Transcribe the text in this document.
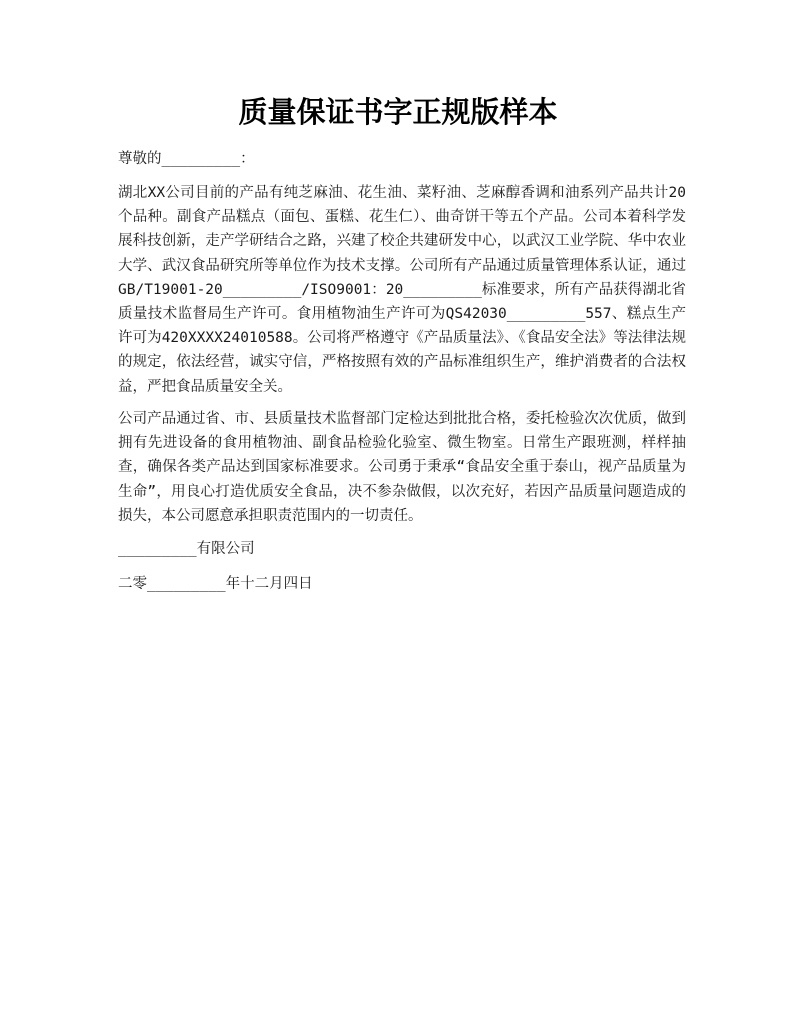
质量保证书字正规版样本

尊敬的_________：

湖北XX公司目前的产品有纯芝麻油、花生油、菜籽油、芝麻醇香调和油系列产品共计20个品种。副食产品糕点（面包、蛋糕、花生仁）、曲奇饼干等五个产品。公司本着科学发展科技创新，走产学研结合之路，兴建了校企共建研发中心，以武汉工业学院、华中农业大学、武汉食品研究所等单位作为技术支撑。公司所有产品通过质量管理体系认证，通过GB/T19001-20_________/ISO9001：20_________标准要求，所有产品获得湖北省质量技术监督局生产许可。食用植物油生产许可为QS42030_________557、糕点生产许可为420XXXX24010588。公司将严格遵守《产品质量法》、《食品安全法》等法律法规的规定，依法经营，诚实守信，严格按照有效的产品标准组织生产，维护消费者的合法权益，严把食品质量安全关。

公司产品通过省、市、县质量技术监督部门定检达到批批合格，委托检验次次优质，做到拥有先进设备的食用植物油、副食品检验化验室、微生物室。日常生产跟班测，样样抽查，确保各类产品达到国家标准要求。公司勇于秉承“食品安全重于泰山，视产品质量为生命”，用良心打造优质安全食品，决不参杂做假，以次充好，若因产品质量问题造成的损失，本公司愿意承担职责范围内的一切责任。

_________有限公司

二零_________年十二月四日
